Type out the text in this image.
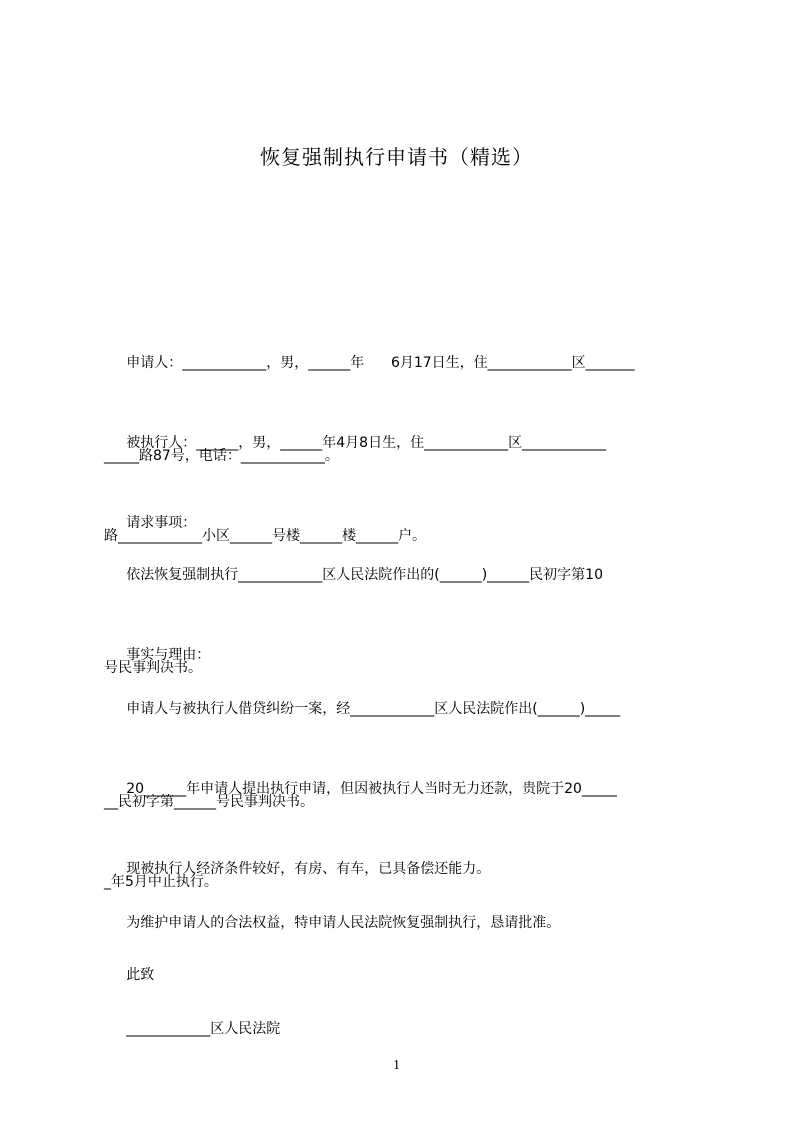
恢复强制执行申请书（精选）

申请人：____________，男，______年      6月17日生，住____________区_______

_____路87号，电话：____________。

被执行人：______，男，______年4月8日生，住____________区____________

路____________小区______号楼______楼______户。

请求事项：

依法恢复强制执行____________区人民法院作出的(______)______民初字第10

号民事判决书。

事实与理由：

申请人与被执行人借贷纠纷一案，经____________区人民法院作出(______)_____

__民初字第______号民事判决书。

20______年申请人提出执行申请，但因被执行人当时无力还款，贵院于20_____

_年5月中止执行。

现被执行人经济条件较好，有房、有车，已具备偿还能力。

为维护申请人的合法权益，特申请人民法院恢复强制执行，恳请批准。

此致

____________区人民法院

1
